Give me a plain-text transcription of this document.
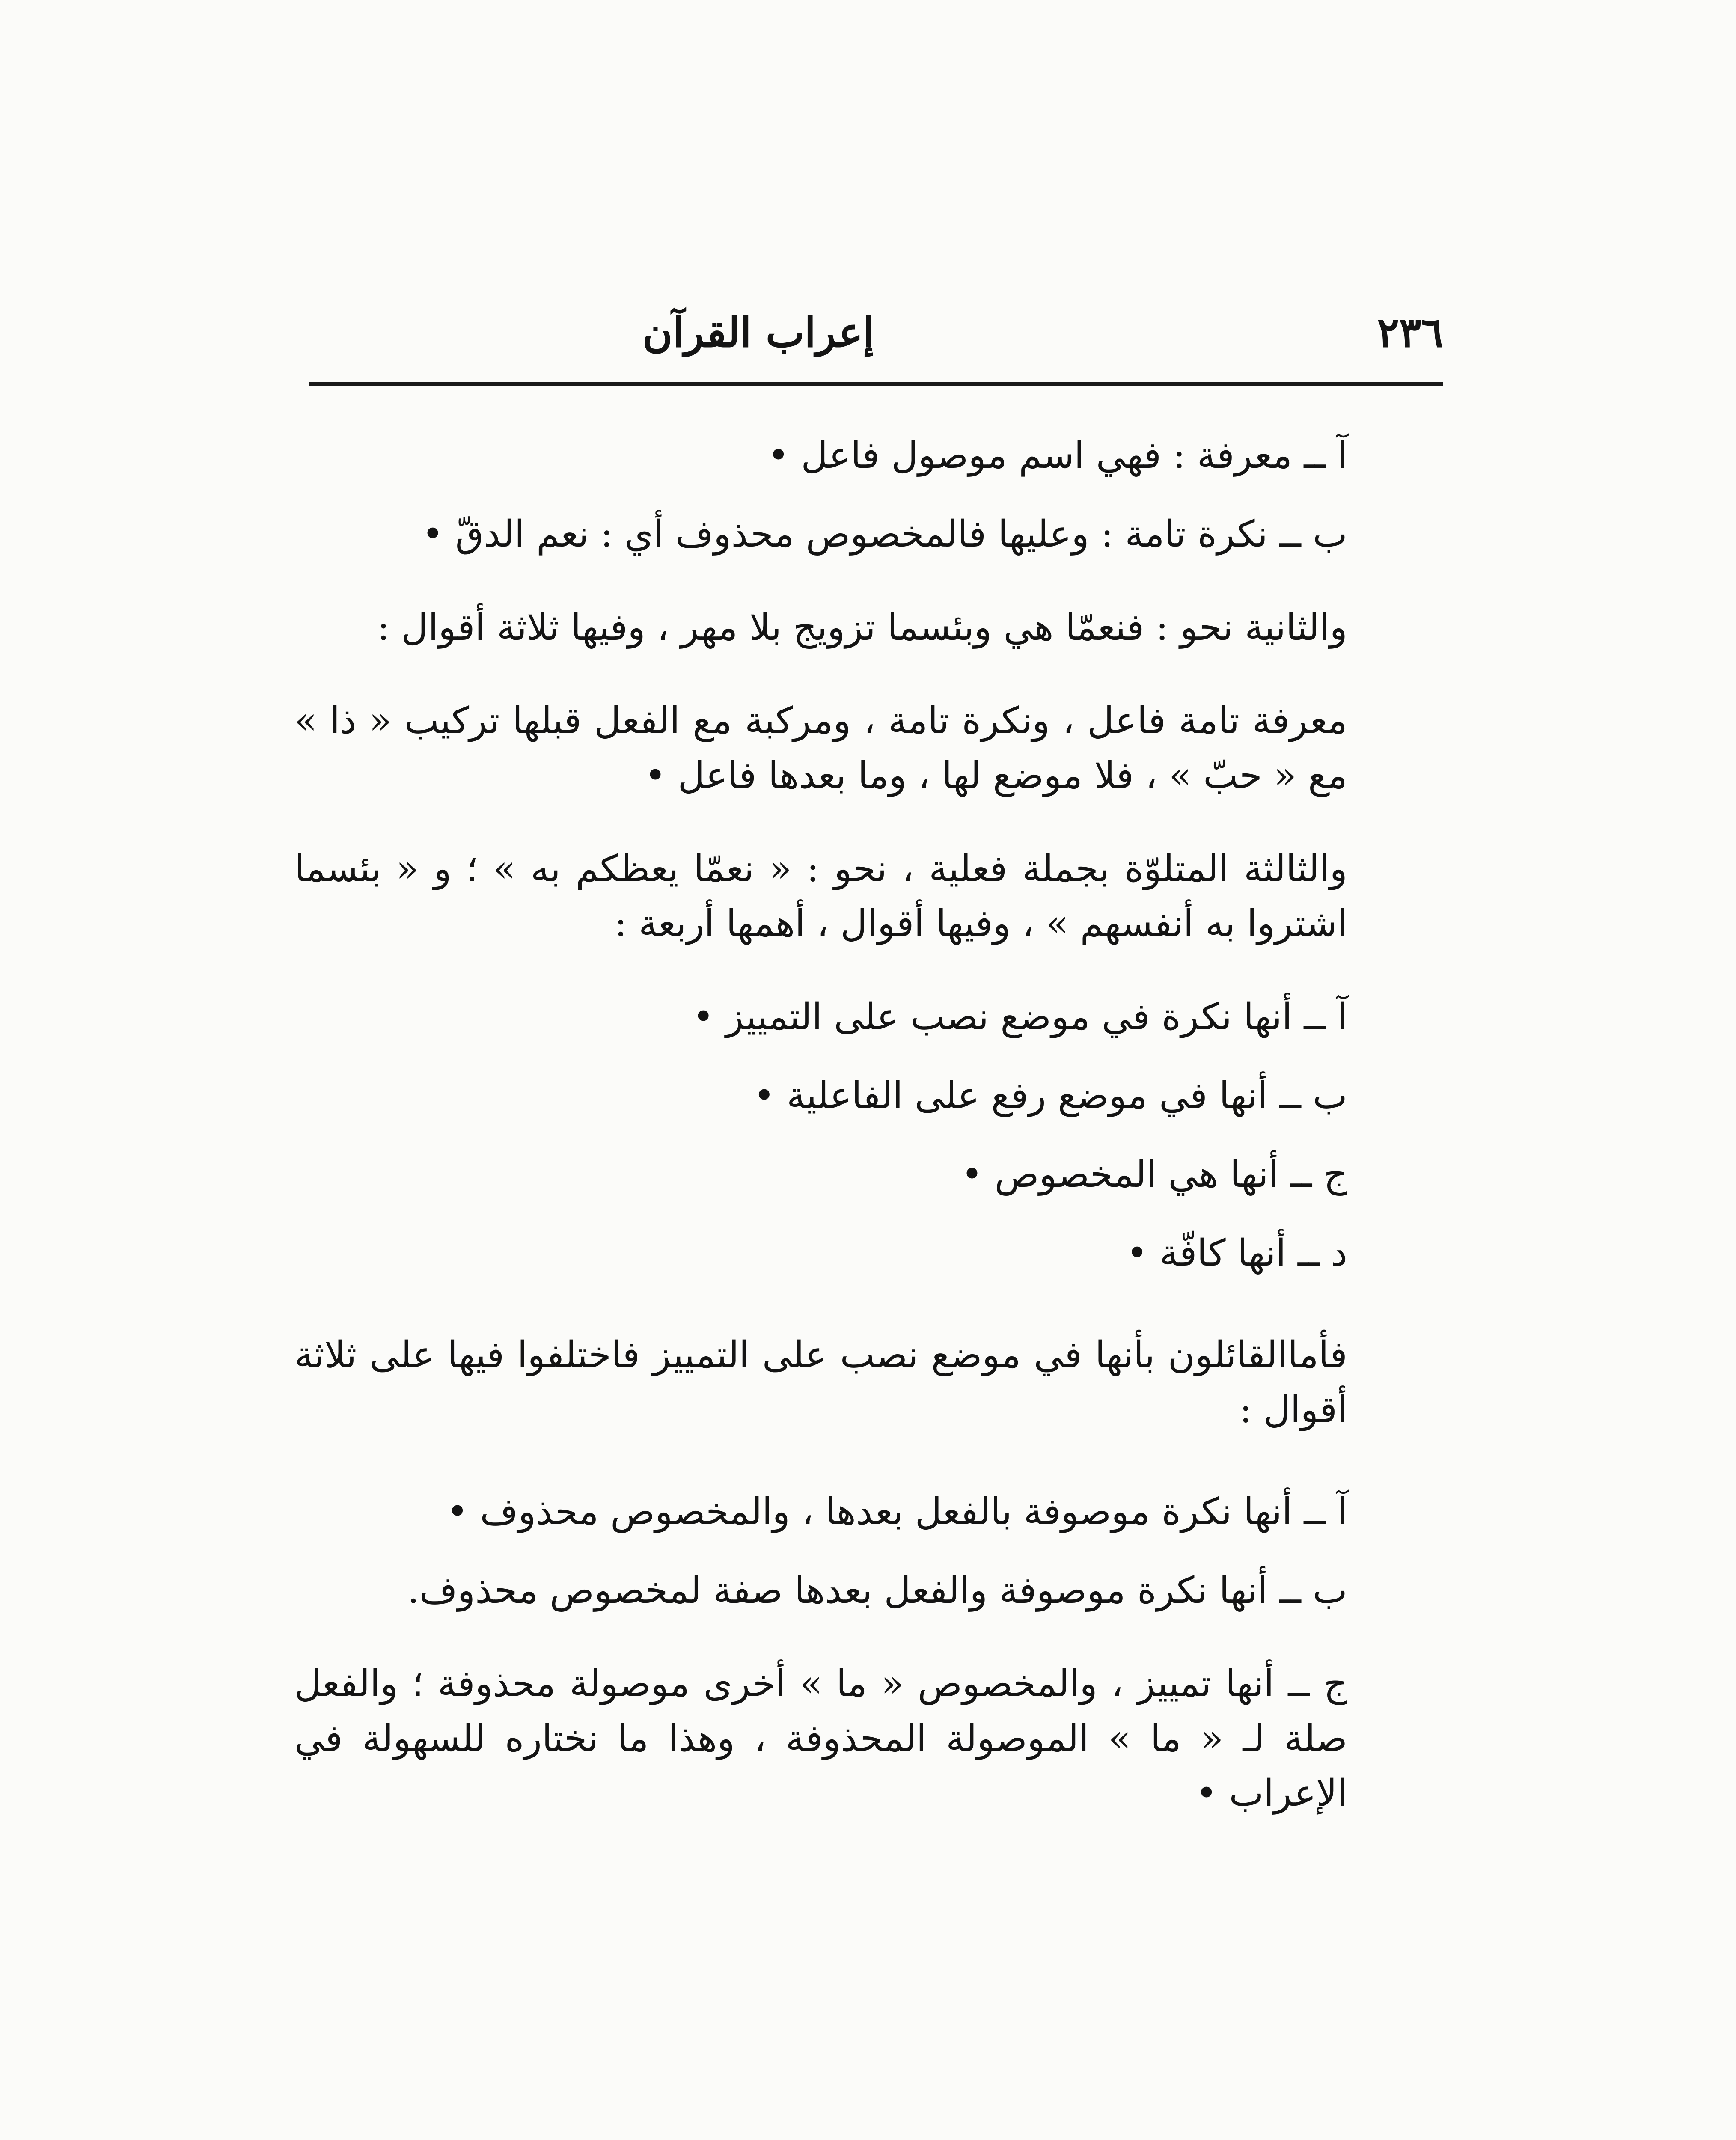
٢٣٦
إعراب القرآن

آ ــ معرفة : فهي اسم موصول فاعل •

ب ــ نكرة تامة : وعليها فالمخصوص محذوف أي : نعم الدقّ •

والثانية نحو : فنعمّا هي وبئسما تزويج بلا مهر ، وفيها ثلاثة أقوال :

معرفة تامة فاعل ، ونكرة تامة ، ومركبة مع الفعل قبلها تركيب « ذا » مع « حبّ » ، فلا موضع لها ، وما بعدها فاعل •

والثالثة المتلوّة بجملة فعلية ، نحو : « نعمّا يعظكم به » ؛ و « بئسما اشتروا به أنفسهم » ، وفيها أقوال ، أهمها أربعة :

آ ــ أنها نكرة في موضع نصب على التمييز •

ب ــ أنها في موضع رفع على الفاعلية •

ج ــ أنها هي المخصوص •

د ــ أنها كافّة •

فأماالقائلون بأنها في موضع نصب على التمييز فاختلفوا فيها على ثلاثة أقوال :

آ ــ أنها نكرة موصوفة بالفعل بعدها ، والمخصوص محذوف •

ب ــ أنها نكرة موصوفة والفعل بعدها صفة لمخصوص محذوف.

ج ــ أنها تمييز ، والمخصوص « ما » أخرى موصولة محذوفة ؛ والفعل صلة لـ « ما » الموصولة المحذوفة ، وهذا ما نختاره للسهولة في الإعراب •
